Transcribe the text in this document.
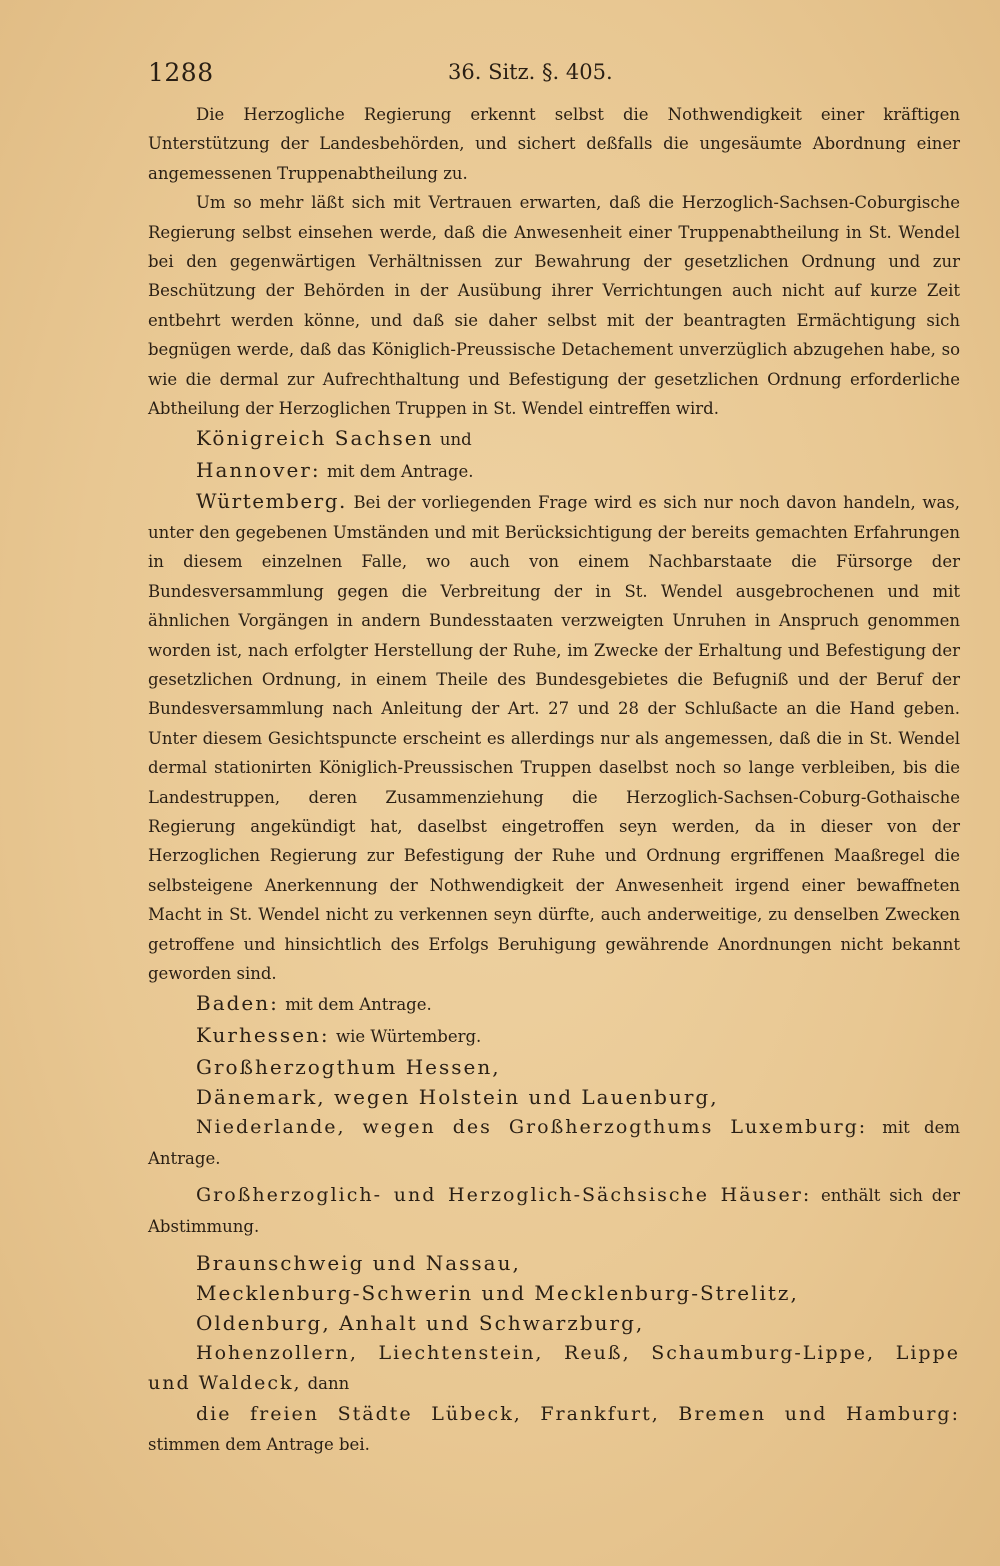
1288	36. Sitz. §. 405.

Die Herzogliche Regierung erkennt selbst die Nothwendigkeit einer kräftigen Unterstützung der Landesbehörden, und sichert deßfalls die ungesäumte Abordnung einer angemessenen Truppenabtheilung zu.

Um so mehr läßt sich mit Vertrauen erwarten, daß die Herzoglich-Sachsen-Coburgische Regierung selbst einsehen werde, daß die Anwesenheit einer Truppenabtheilung in St. Wendel bei den gegenwärtigen Verhältnissen zur Bewahrung der gesetzlichen Ordnung und zur Beschützung der Behörden in der Ausübung ihrer Verrichtungen auch nicht auf kurze Zeit entbehrt werden könne, und daß sie daher selbst mit der beantragten Ermächtigung sich begnügen werde, daß das Königlich-Preussische Detachement unverzüglich abzugehen habe, so wie die dermal zur Aufrechthaltung und Befestigung der gesetzlichen Ordnung erforderliche Abtheilung der Herzoglichen Truppen in St. Wendel eintreffen wird.

Königreich Sachsen und

Hannover: mit dem Antrage.

Würtemberg. Bei der vorliegenden Frage wird es sich nur noch davon handeln, was, unter den gegebenen Umständen und mit Berücksichtigung der bereits gemachten Erfahrungen in diesem einzelnen Falle, wo auch von einem Nachbarstaate die Fürsorge der Bundesversammlung gegen die Verbreitung der in St. Wendel ausgebrochenen und mit ähnlichen Vorgängen in andern Bundesstaaten verzweigten Unruhen in Anspruch genommen worden ist, nach erfolgter Herstellung der Ruhe, im Zwecke der Erhaltung und Befestigung der gesetzlichen Ordnung, in einem Theile des Bundesgebietes die Befugniß und der Beruf der Bundesversammlung nach Anleitung der Art. 27 und 28 der Schlußacte an die Hand geben. Unter diesem Gesichtspuncte erscheint es allerdings nur als angemessen, daß die in St. Wendel dermal stationirten Königlich-Preussischen Truppen daselbst noch so lange verbleiben, bis die Landestruppen, deren Zusammenziehung die Herzoglich-Sachsen-Coburg-Gothaische Regierung angekündigt hat, daselbst eingetroffen seyn werden, da in dieser von der Herzoglichen Regierung zur Befestigung der Ruhe und Ordnung ergriffenen Maaßregel die selbsteigene Anerkennung der Nothwendigkeit der Anwesenheit irgend einer bewaffneten Macht in St. Wendel nicht zu verkennen seyn dürfte, auch anderweitige, zu denselben Zwecken getroffene und hinsichtlich des Erfolgs Beruhigung gewährende Anordnungen nicht bekannt geworden sind.

Baden: mit dem Antrage.

Kurhessen: wie Würtemberg.

Großherzogthum Hessen,

Dänemark, wegen Holstein und Lauenburg,

Niederlande, wegen des Großherzogthums Luxemburg: mit dem Antrage.

Großherzoglich- und Herzoglich-Sächsische Häuser: enthält sich der Abstimmung.

Braunschweig und Nassau,

Mecklenburg-Schwerin und Mecklenburg-Strelitz,

Oldenburg, Anhalt und Schwarzburg,

Hohenzollern, Liechtenstein, Reuß, Schaumburg-Lippe, Lippe und Waldeck, dann

die freien Städte Lübeck, Frankfurt, Bremen und Hamburg: stimmen dem Antrage bei.
